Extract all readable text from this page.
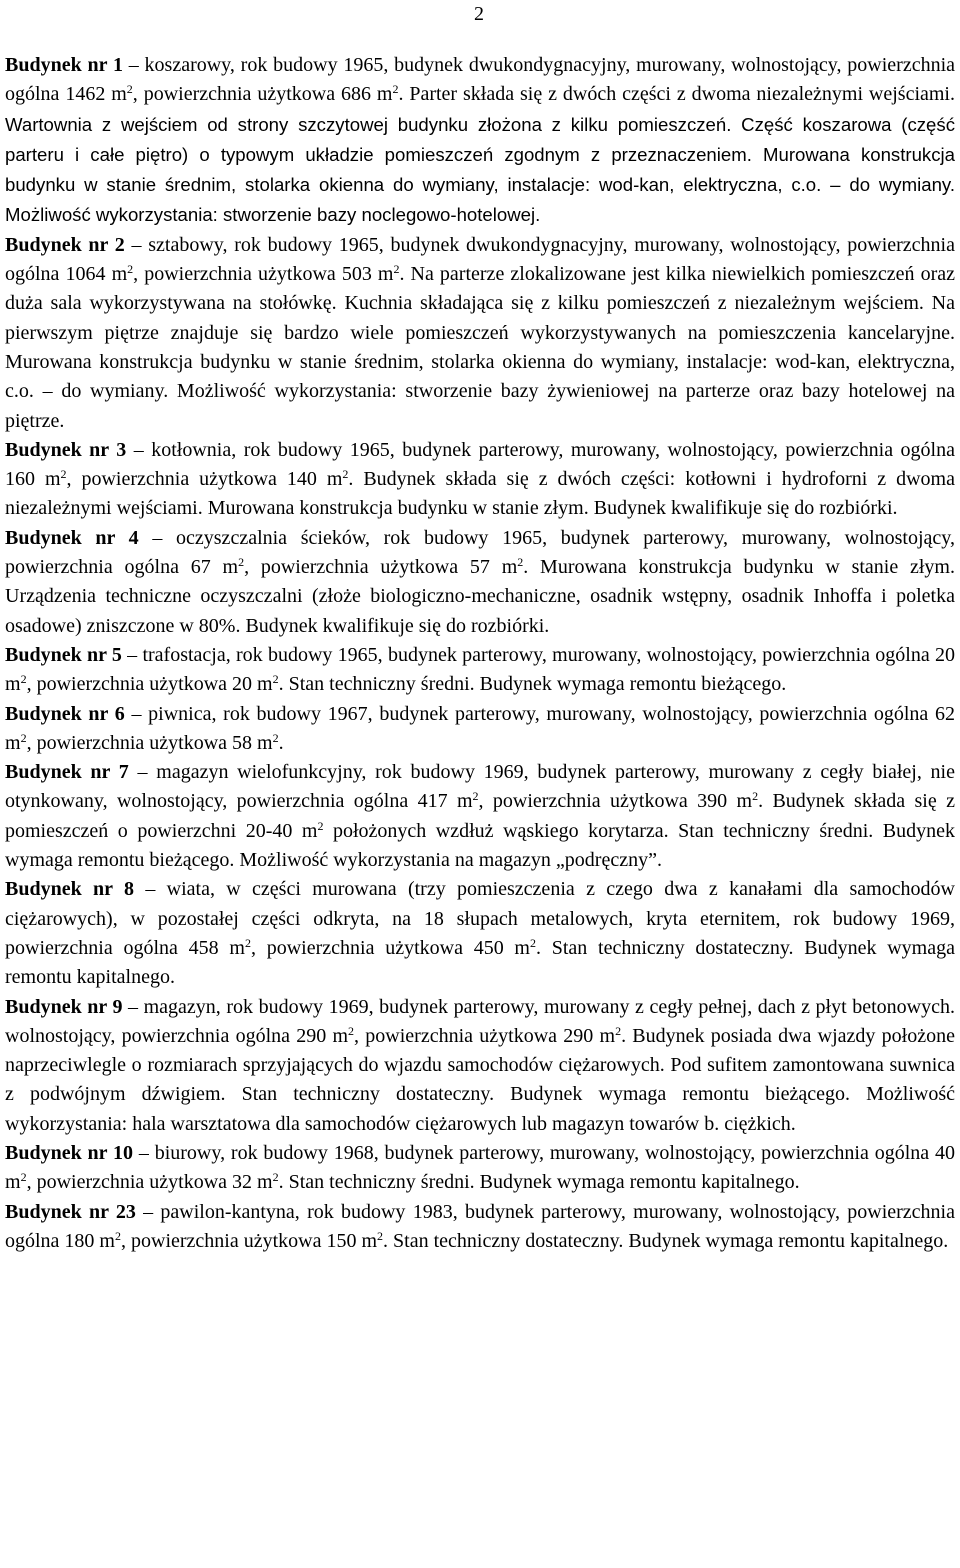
2

Budynek nr 1 – koszarowy, rok budowy 1965, budynek dwukondygnacyjny, murowany, wolnostojący, powierzchnia ogólna 1462 $m^2$, powierzchnia użytkowa 686 $m^2$. Parter składa się z dwóch części z dwoma niezależnymi wejściami. Wartownia z wejściem od strony szczytowej budynku złożona z kilku pomieszczeń. Część koszarowa (część parteru i całe piętro) o typowym układzie pomieszczeń zgodnym z przeznaczeniem. Murowana konstrukcja budynku w stanie średnim, stolarka okienna do wymiany, instalacje: wod-kan, elektryczna, c.o. – do wymiany. Możliwość wykorzystania: stworzenie bazy noclegowo-hotelowej.

Budynek nr 2 – sztabowy, rok budowy 1965, budynek dwukondygnacyjny, murowany, wolnostojący, powierzchnia ogólna 1064 $m^2$, powierzchnia użytkowa 503 $m^2$. Na parterze zlokalizowane jest kilka niewielkich pomieszczeń oraz duża sala wykorzystywana na stołówkę. Kuchnia składająca się z kilku pomieszczeń z niezależnym wejściem. Na pierwszym piętrze znajduje się bardzo wiele pomieszczeń wykorzystywanych na pomieszczenia kancelaryjne. Murowana konstrukcja budynku w stanie średnim, stolarka okienna do wymiany, instalacje: wod-kan, elektryczna, c.o. – do wymiany. Możliwość wykorzystania: stworzenie bazy żywieniowej na parterze oraz bazy hotelowej na piętrze.

Budynek nr 3 – kotłownia, rok budowy 1965, budynek parterowy, murowany, wolnostojący, powierzchnia ogólna 160 $m^2$, powierzchnia użytkowa 140 $m^2$. Budynek składa się z dwóch części: kotłowni i hydroforni z dwoma niezależnymi wejściami. Murowana konstrukcja budynku w stanie złym. Budynek kwalifikuje się do rozbiórki.

Budynek nr 4 – oczyszczalnia ścieków, rok budowy 1965, budynek parterowy, murowany, wolnostojący, powierzchnia ogólna 67 $m^2$, powierzchnia użytkowa 57 $m^2$. Murowana konstrukcja budynku w stanie złym. Urządzenia techniczne oczyszczalni (złoże biologiczno-mechaniczne, osadnik wstępny, osadnik Inhoffa i poletka osadowe) zniszczone w 80%. Budynek kwalifikuje się do rozbiórki.

Budynek nr 5 – trafostacja, rok budowy 1965, budynek parterowy, murowany, wolnostojący, powierzchnia ogólna 20 $m^2$, powierzchnia użytkowa 20 $m^2$. Stan techniczny średni. Budynek wymaga remontu bieżącego.

Budynek nr 6 – piwnica, rok budowy 1967, budynek parterowy, murowany, wolnostojący, powierzchnia ogólna 62 $m^2$, powierzchnia użytkowa 58 $m^2$.

Budynek nr 7 – magazyn wielofunkcyjny, rok budowy 1969, budynek parterowy, murowany z cegły białej, nie otynkowany, wolnostojący, powierzchnia ogólna 417 $m^2$, powierzchnia użytkowa 390 $m^2$. Budynek składa się z pomieszczeń o powierzchni 20-40 $m^2$ położonych wzdłuż wąskiego korytarza. Stan techniczny średni. Budynek wymaga remontu bieżącego. Możliwość wykorzystania na magazyn „podręczny”.

Budynek nr 8 – wiata, w części murowana (trzy pomieszczenia z czego dwa z kanałami dla samochodów ciężarowych), w pozostałej części odkryta, na 18 słupach metalowych, kryta eternitem, rok budowy 1969, powierzchnia ogólna 458 $m^2$, powierzchnia użytkowa 450 $m^2$. Stan techniczny dostateczny. Budynek wymaga remontu kapitalnego.

Budynek nr 9 – magazyn, rok budowy 1969, budynek parterowy, murowany z cegły pełnej, dach z płyt betonowych. wolnostojący, powierzchnia ogólna 290 $m^2$, powierzchnia użytkowa 290 $m^2$. Budynek posiada dwa wjazdy położone naprzeciwlegle o rozmiarach sprzyjających do wjazdu samochodów ciężarowych. Pod sufitem zamontowana suwnica z podwójnym dźwigiem. Stan techniczny dostateczny. Budynek wymaga remontu bieżącego. Możliwość wykorzystania: hala warsztatowa dla samochodów ciężarowych lub magazyn towarów b. ciężkich.

Budynek nr 10 – biurowy, rok budowy 1968, budynek parterowy, murowany, wolnostojący, powierzchnia ogólna 40 $m^2$, powierzchnia użytkowa 32 $m^2$. Stan techniczny średni. Budynek wymaga remontu kapitalnego.

Budynek nr 23 – pawilon-kantyna, rok budowy 1983, budynek parterowy, murowany, wolnostojący, powierzchnia ogólna 180 $m^2$, powierzchnia użytkowa 150 $m^2$. Stan techniczny dostateczny. Budynek wymaga remontu kapitalnego.
